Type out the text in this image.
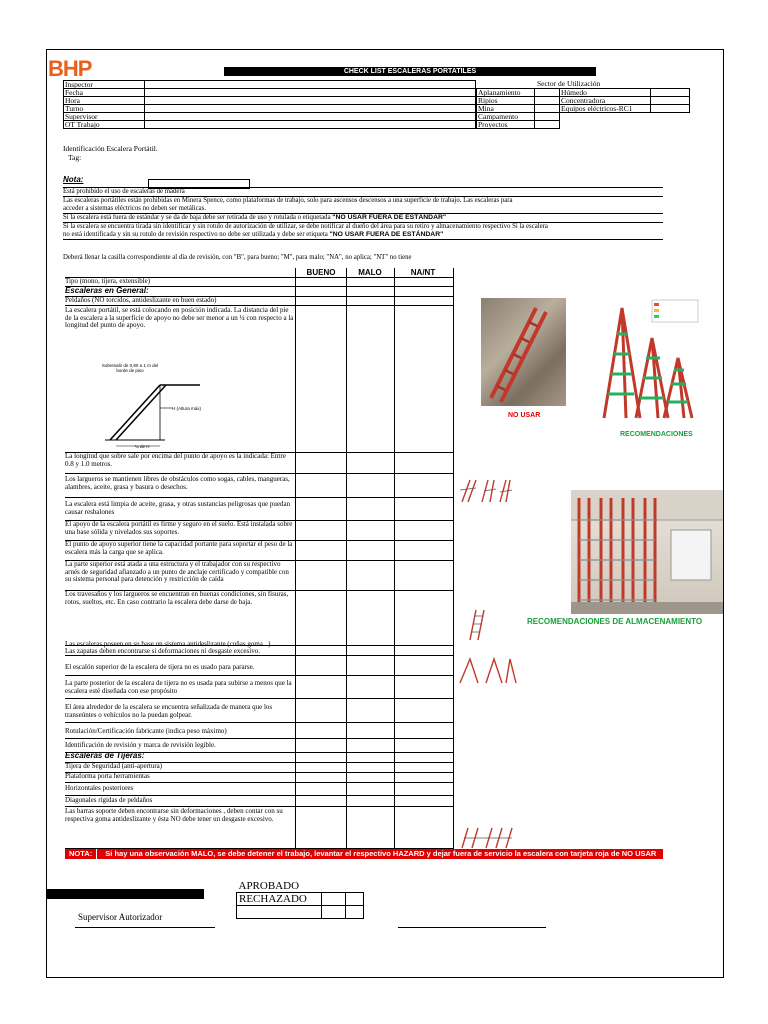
BHP	CHECK LIST ESCALERAS PORTATILES
Inspector	
Fecha	
Hora	
Turno	
Supervisor	
OT Trabajo	
Sector de Utilización
Aplanamiento		Húmedo	
Ripios		Concentradora	
Mina		Equipos eléctricos-RC1	
Campamento			
Proyectos			
Identificación Escalera Portátil.
Tag:
Nota:
Está prohibido el uso de escaleras de madera
Las escaleras portátiles están prohibidas en Minera Spence, como plataformas de trabajo, solo para ascensos descensos a una superficie de trabajo. Las escaleras para
acceder a sistemas eléctricos no deben ser metálicas.
Si la escalera está fuera de estándar y se da de baja debe ser retirada de uso y rotulada o etiquetada "NO USAR FUERA DE ESTÁNDAR"
Si la escalera se encuentra tirada sin identificar y sin rotulo de autorización de utilizar, se debe notificar al dueño del área para su retiro y almacenamiento respectivo Si la escalera
no está identificada y sin su rotulo de revisión respectivo no debe ser utilizada y debe ser etiqueta "NO USAR FUERA DE ESTÁNDAR"
Deberá llenar la casilla correspondiente al día de revisión, con "B", para bueno; "M", para malo; "NA", no aplica; "NT" no tiene
BUENO	MALO	NA/NT
Tipo (mono, tijera, extensible)
Escaleras en General:
Peldaños (NO torcidos, antideslizante en buen estado)
La escalera portátil, se está colocando en posición indicada. La distancia del pie de la escalera a la superficie de apoyo no debe ser menor a un ¼ con respecto a la longitud del punto de apoyo.
Sobresalir de 0,80 a 1 m del borde de piso
H (Altura máx)
¼ de H
La longitud que sobre sale por encima del punto de apoyo es la indicada: Entre 0.8 y 1.0 metros.
Los largueros se mantienen libres de obstáculos como sogas, cables, mangueras, alambres, aceite, grasa y basura o desechos.
La escalera está limpia de aceite, grasa, y otras sustancias peligrosas que puedan causar resbalones
El apoyo de la escalera portátil es firme y seguro en el suelo. Está instalada sobre una base sólida y nivelados sus soportes.
El punto de apoyo superior tiene la capacidad portante para soportar el peso de la escalera más la carga que se aplica.
La parte superior está atada a una estructura y el trabajador con su respectivo arnés de seguridad afianzado a un punto de anclaje certificado y compatible con su sistema personal para detención y restricción de caída
Los travesaños y los largueros se encuentran en buenas condiciones, sin fisuras, rotos, sueltos, etc. En caso contrario la escalera debe darse de baja.
Las escaleras poseen en su base un sistema antideslizante (cuñas goma...)
Las zapatas deben encontrarse si deformaciones ni desgaste excesivo.
El escalón superior de la escalera de tijera no es usado para pararse.
La parte posterior de la escalera de tijera no es usada para subirse a menos que la escalera esté diseñada con ese propósito
El área alrededor de la escalera se encuentra señalizada de manera que los transeúntes o vehículos no la puedan golpear.
Rotulación/Certificación fabricante (indica peso máximo)
Identificación de revisión y marca de revisión legible.
Escaleras de Tijeras:
Tijera de Seguridad (anti-apertura)
Plataforma porta herramientas
Horizontales posteriores
Diagonales rígidas de peldaños
Las barras soporte deben encontrarse sin deformaciones , deben contar con su respectiva goma antideslizante y ésta NO debe tener un desgaste excesivo.
NO USAR
RECOMENDACIONES
RECOMENDACIONES DE ALMACENAMIENTO
NOTA: Si hay una observación MALO, se debe detener el trabajo, levantar el respectivo HAZARD y dejar fuera de servicio la escalera con tarjeta roja de NO USAR
APROBADO		
RECHAZADO		

Supervisor Autorizador
